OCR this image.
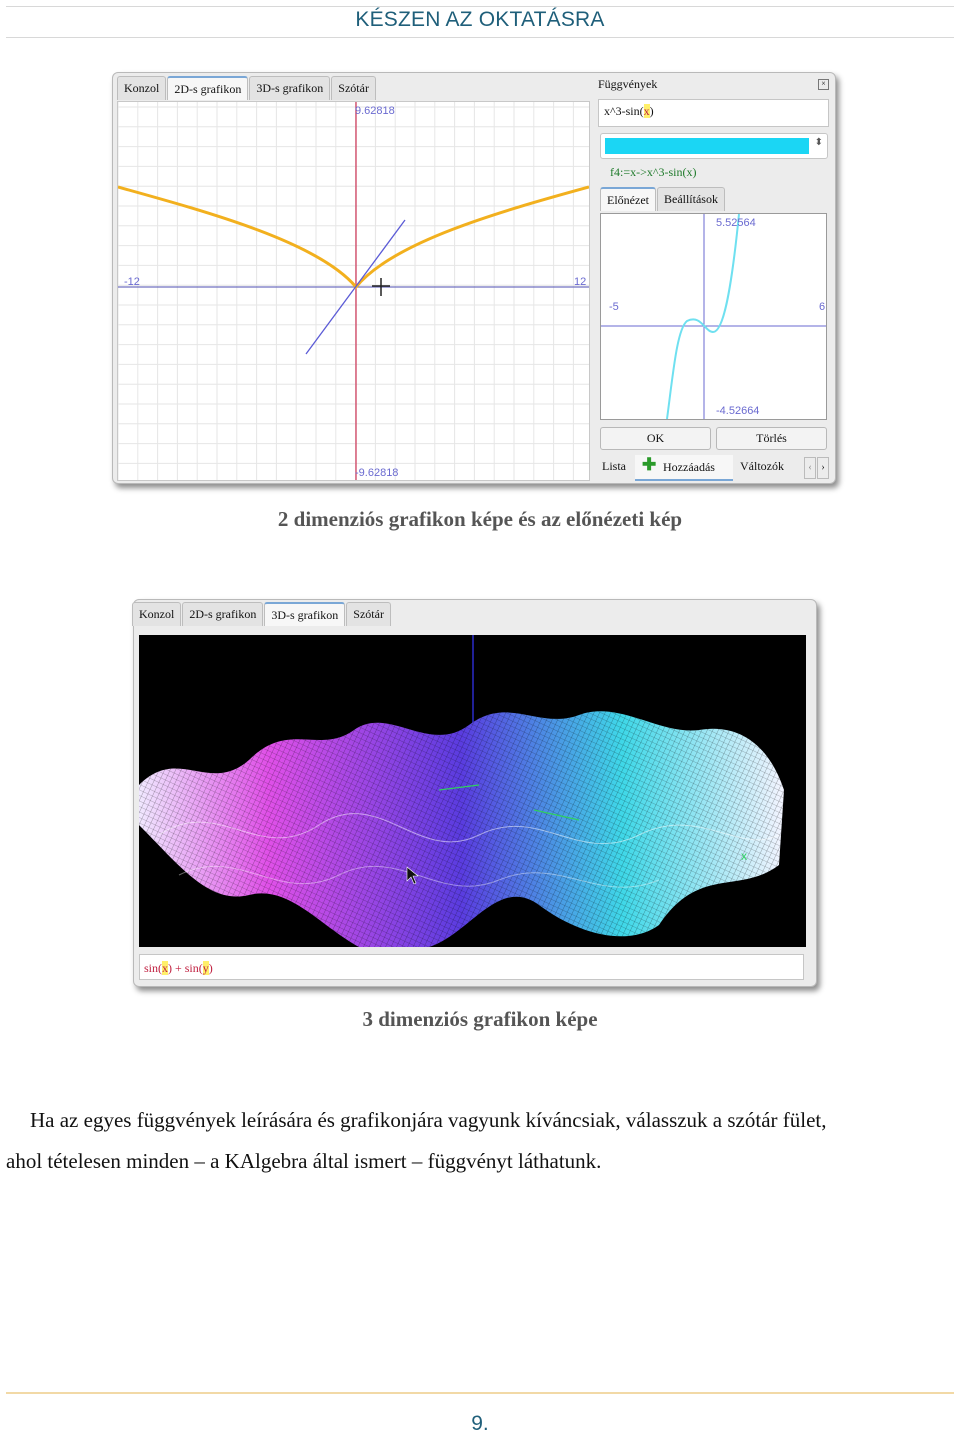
KÉSZEN AZ OKTATÁSRA
Konzol	2D-s grafikon	3D-s grafikon	Szótár
9.62818
-9.62818
-12	12
Függvények	×
x^3-sin(x)
⬍
f4:=x->x^3-sin(x)
Előnézet	Beállítások
5.52564
-4.52664
-5	6
OK	Törlés
Lista ✚ Hozzáadás Változók	‹ ›
2 dimenziós grafikon képe és az előnézeti kép
Konzol	2D-s grafikon	3D-s grafikon	Szótár
x
sin(x) + sin(y)
3 dimenziós grafikon képe
Ha az egyes függvények leírására és grafikonjára vagyunk kíváncsiak, válasszuk a szótár fület,
ahol tételesen minden – a KAlgebra által ismert – függvényt láthatunk.
9.
